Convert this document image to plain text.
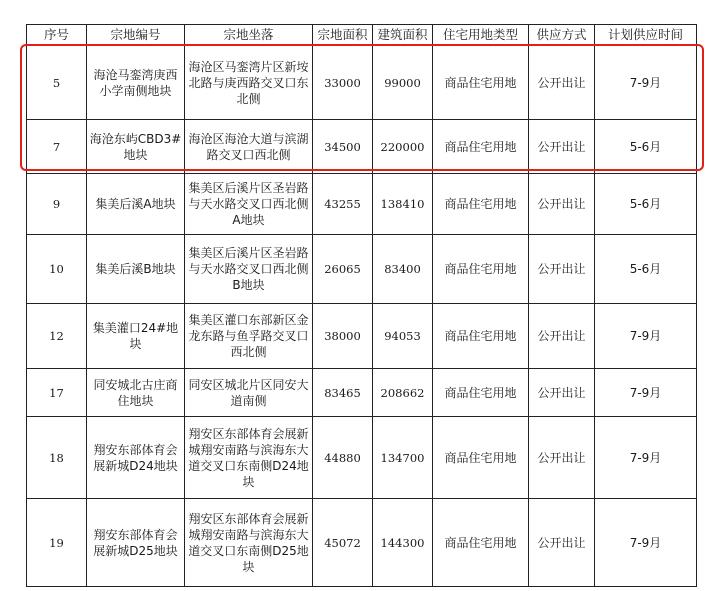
序号	宗地编号	宗地坐落	宗地面积	建筑面积	住宅用地类型	供应方式	计划供应时间
5	海沧马銮湾庚西小学南侧地块	海沧区马銮湾片区新垵北路与庚西路交叉口东北侧	33000	99000	商品住宅用地	公开出让	7-9月
7	海沧东屿CBD3#地块	海沧区海沧大道与滨湖路交叉口西北侧	34500	220000	商品住宅用地	公开出让	5-6月
9	集美后溪A地块	集美区后溪片区圣岩路与天水路交叉口西北侧A地块	43255	138410	商品住宅用地	公开出让	5-6月
10	集美后溪B地块	集美区后溪片区圣岩路与天水路交叉口西北侧B地块	26065	83400	商品住宅用地	公开出让	5-6月
12	集美灌口24#地块	集美区灌口东部新区金龙东路与鱼孚路交叉口西北侧	38000	94053	商品住宅用地	公开出让	7-9月
17	同安城北古庄商住地块	同安区城北片区同安大道南侧	83465	208662	商品住宅用地	公开出让	7-9月
18	翔安东部体育会展新城D24地块	翔安区东部体育会展新城翔安南路与滨海东大道交叉口东南侧D24地块	44880	134700	商品住宅用地	公开出让	7-9月
19	翔安东部体育会展新城D25地块	翔安区东部体育会展新城翔安南路与滨海东大道交叉口东南侧D25地块	45072	144300	商品住宅用地	公开出让	7-9月
